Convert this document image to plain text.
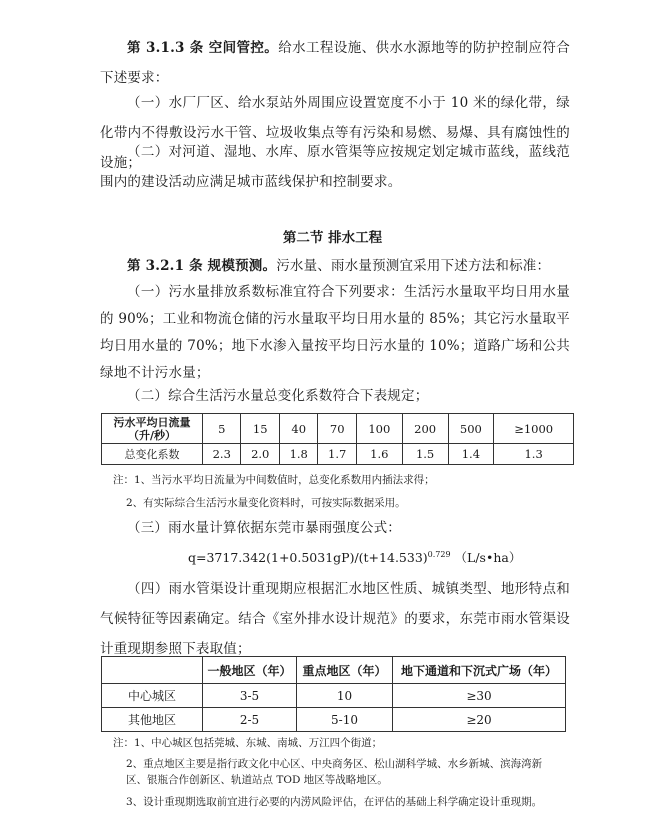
第 3.1.3 条 空间管控。给水工程设施、供水水源地等的防护控制应符合下述要求：
（一）水厂厂区、给水泵站外周围应设置宽度不小于 10 米的绿化带，绿化带内不得敷设污水干管、垃圾收集点等有污染和易燃、易爆、具有腐蚀性的设施；
（二）对河道、湿地、水库、原水管渠等应按规定划定城市蓝线，蓝线范围内的建设活动应满足城市蓝线保护和控制要求。
第二节 排水工程
第 3.2.1 条 规模预测。污水量、雨水量预测宜采用下述方法和标准：
（一）污水量排放系数标准宜符合下列要求：生活污水量取平均日用水量的 90%；工业和物流仓储的污水量取平均日用水量的 85%；其它污水量取平均日用水量的 70%；地下水渗入量按平均日污水量的 10%；道路广场和公共绿地不计污水量；
（二）综合生活污水量总变化系数符合下表规定；
污水平均日流量（升/秒）	5	15	40	70	100	200	500	≥1000
总变化系数	2.3	2.0	1.8	1.7	1.6	1.5	1.4	1.3
注：1、当污水平均日流量为中间数值时，总变化系数用内插法求得；
2、有实际综合生活污水量变化资料时，可按实际数据采用。
（三）雨水量计算依据东莞市暴雨强度公式：
$q=3717.342(1+0.5031gP)/(t+14.533)^{0.729}$ （L/s•ha）
（四）雨水管渠设计重现期应根据汇水地区性质、城镇类型、地形特点和气候特征等因素确定。结合《室外排水设计规范》的要求，东莞市雨水管渠设计重现期参照下表取值；
	一般地区（年）	重点地区（年）	地下通道和下沉式广场（年）
中心城区	3-5	10	≥30
其他地区	2-5	5-10	≥20
注：1、中心城区包括莞城、东城、南城、万江四个街道；
2、重点地区主要是指行政文化中心区、中央商务区、松山湖科学城、水乡新城、滨海湾新区、银瓶合作创新区、轨道站点 TOD 地区等战略地区。
3、设计重现期选取前宜进行必要的内涝风险评估，在评估的基础上科学确定设计重现期。
